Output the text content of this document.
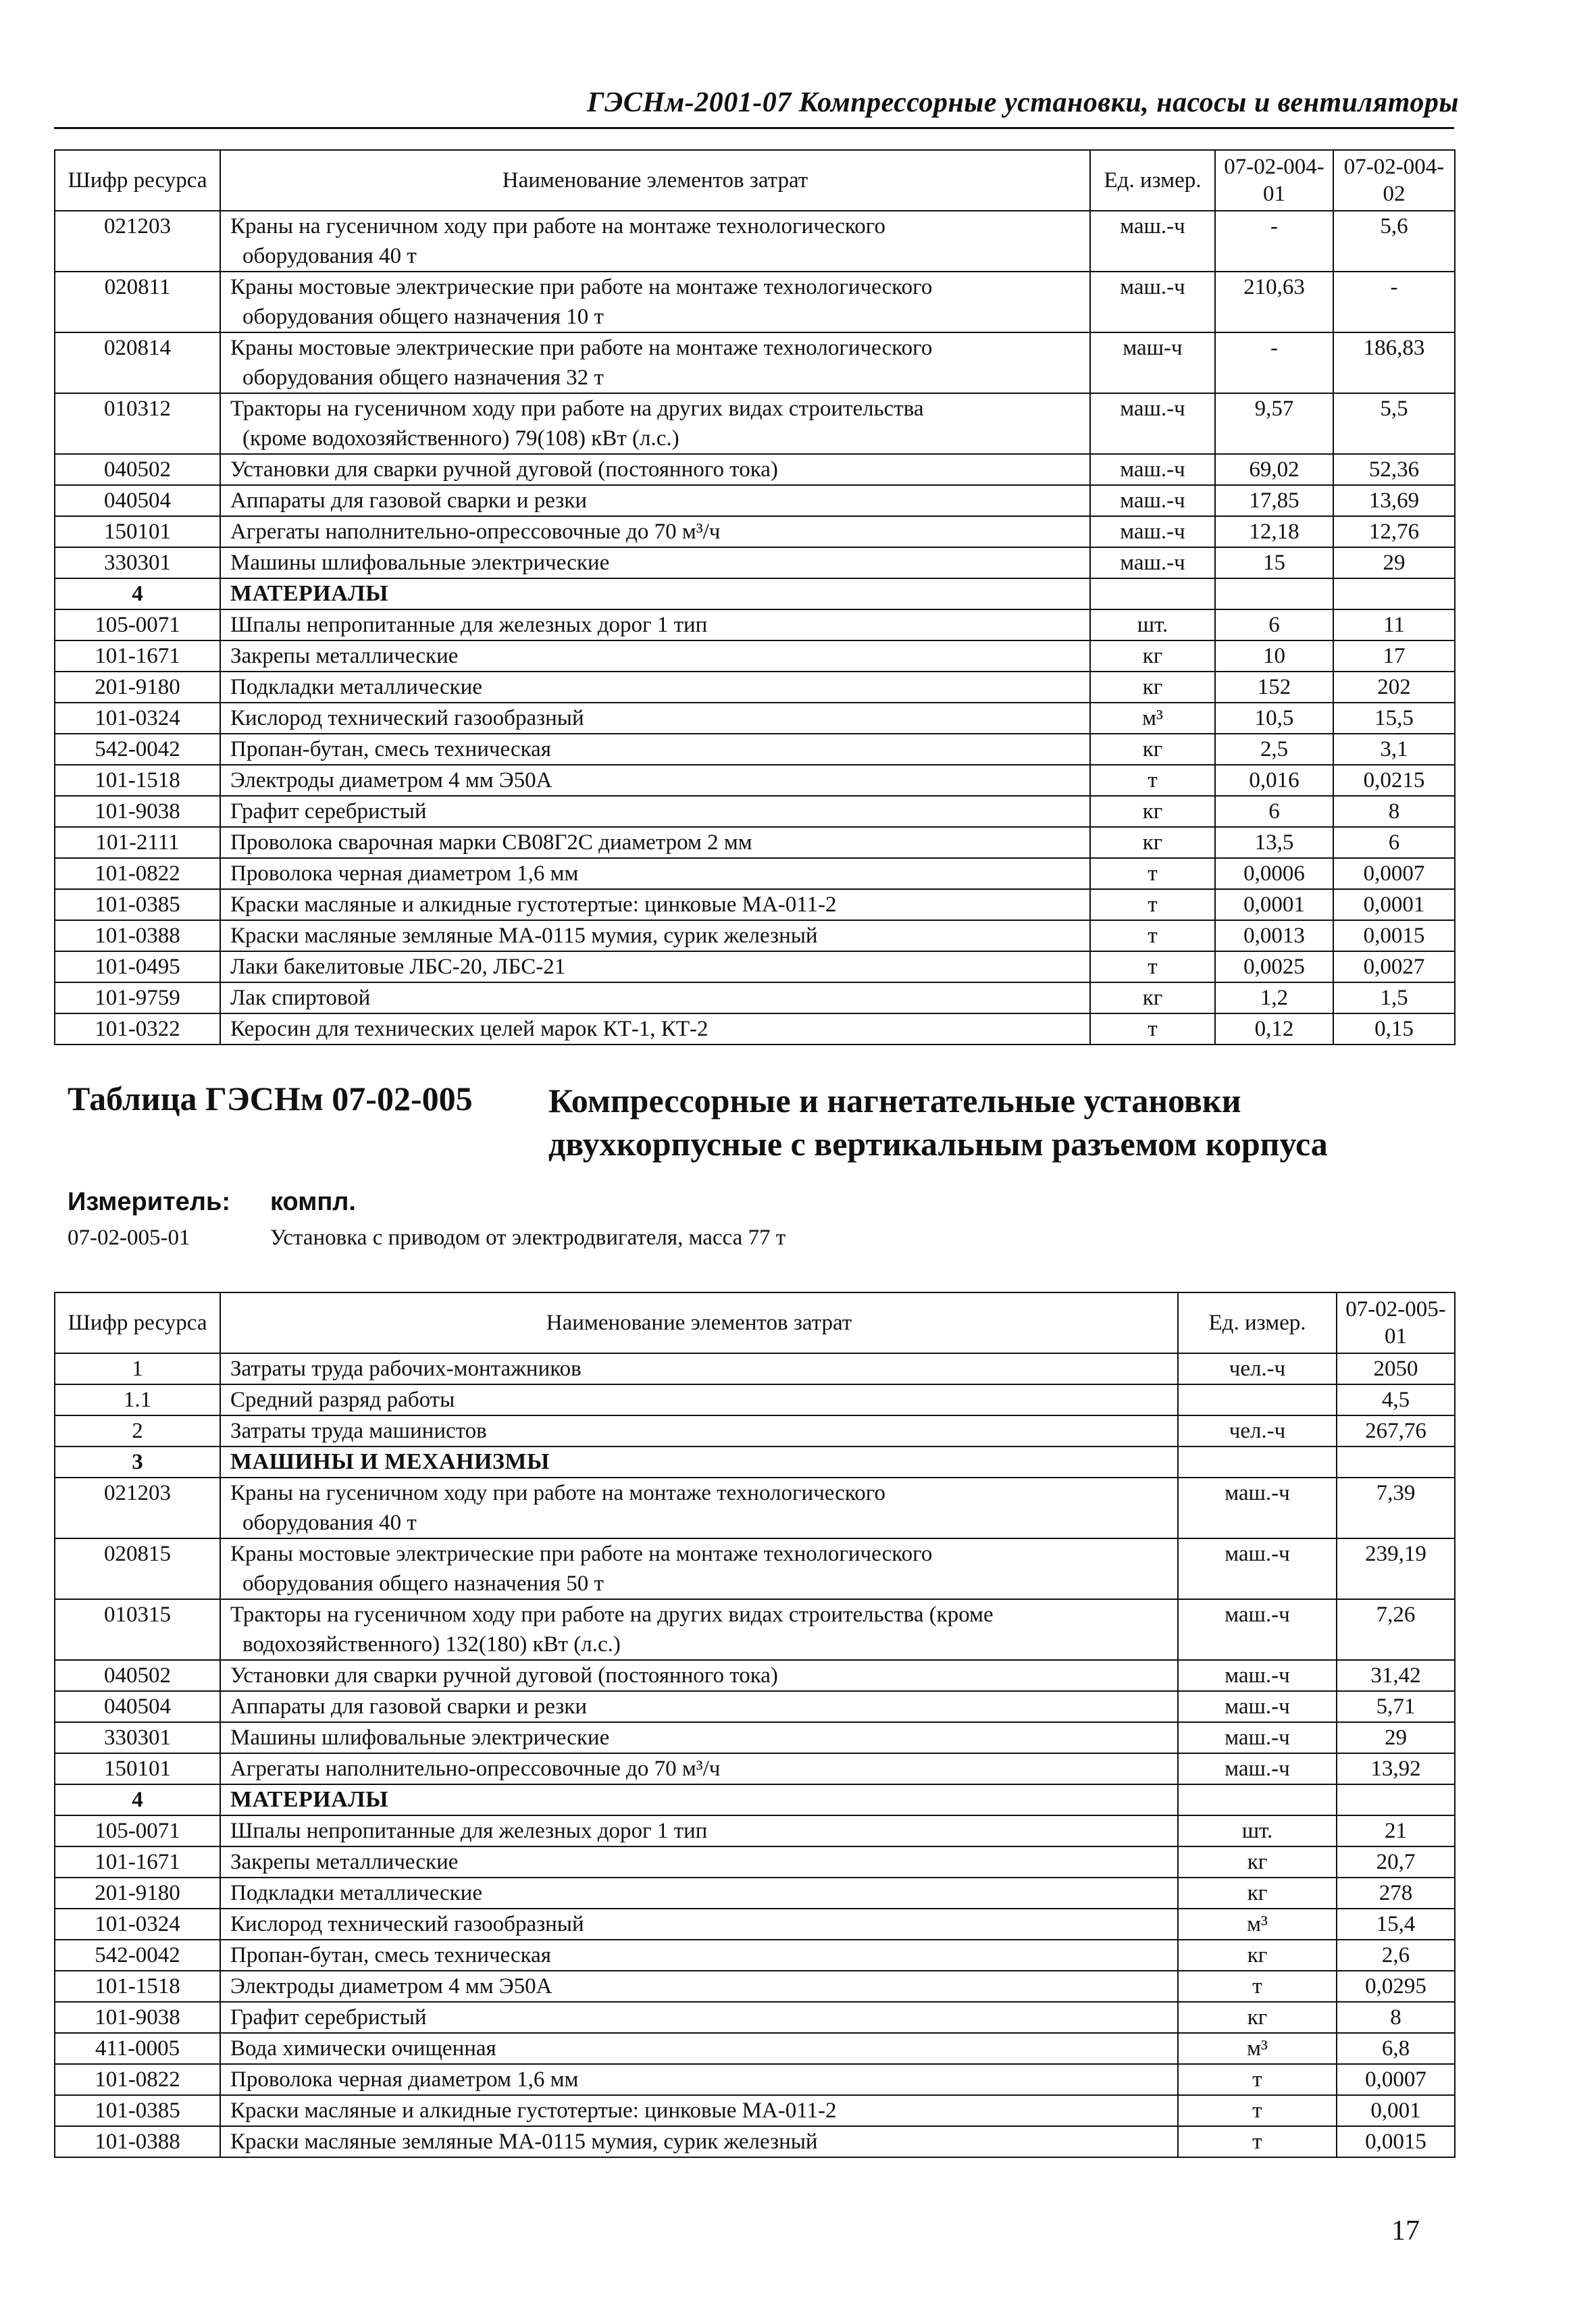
ГЭСНм-2001-07 Компрессорные установки, насосы и вентиляторы
Шифр ресурса	Наименование элементов затрат	Ед. измер.	07-02-004-01	07-02-004-02
021203	Краны на гусеничном ходу при работе на монтаже технологического
оборудования 40 т	маш.-ч	-	5,6
020811	Краны мостовые электрические при работе на монтаже технологического
оборудования общего назначения 10 т	маш.-ч	210,63	-
020814	Краны мостовые электрические при работе на монтаже технологического
оборудования общего назначения 32 т	маш-ч	-	186,83
010312	Тракторы на гусеничном ходу при работе на других видах строительства
(кроме водохозяйственного) 79(108) кВт (л.с.)	маш.-ч	9,57	5,5
040502	Установки для сварки ручной дуговой (постоянного тока)	маш.-ч	69,02	52,36
040504	Аппараты для газовой сварки и резки	маш.-ч	17,85	13,69
150101	Агрегаты наполнительно-опрессовочные до 70 м³/ч	маш.-ч	12,18	12,76
330301	Машины шлифовальные электрические	маш.-ч	15	29
4	МАТЕРИАЛЫ			
105-0071	Шпалы непропитанные для железных дорог 1 тип	шт.	6	11
101-1671	Закрепы металлические	кг	10	17
201-9180	Подкладки металлические	кг	152	202
101-0324	Кислород технический газообразный	м³	10,5	15,5
542-0042	Пропан-бутан, смесь техническая	кг	2,5	3,1
101-1518	Электроды диаметром 4 мм Э50А	т	0,016	0,0215
101-9038	Графит серебристый	кг	6	8
101-2111	Проволока сварочная марки СВ08Г2С диаметром 2 мм	кг	13,5	6
101-0822	Проволока черная диаметром 1,6 мм	т	0,0006	0,0007
101-0385	Краски масляные и алкидные густотертые: цинковые МА-011-2	т	0,0001	0,0001
101-0388	Краски масляные земляные МА-0115 мумия, сурик железный	т	0,0013	0,0015
101-0495	Лаки бакелитовые ЛБС-20, ЛБС-21	т	0,0025	0,0027
101-9759	Лак спиртовой	кг	1,2	1,5
101-0322	Керосин для технических целей марок КТ-1, КТ-2	т	0,12	0,15
Таблица ГЭСНм 07-02-005 Компрессорные и нагнетательные установки
двухкорпусные с вертикальным разъемом корпуса
Измеритель: компл.
07-02-005-01	Установка с приводом от электродвигателя, масса 77 т
Шифр ресурса	Наименование элементов затрат	Ед. измер.	07-02-005-01
1	Затраты труда рабочих-монтажников	чел.-ч	2050
1.1	Средний разряд работы		4,5
2	Затраты труда машинистов	чел.-ч	267,76
3	МАШИНЫ И МЕХАНИЗМЫ		
021203	Краны на гусеничном ходу при работе на монтаже технологического
оборудования 40 т	маш.-ч	7,39
020815	Краны мостовые электрические при работе на монтаже технологического
оборудования общего назначения 50 т	маш.-ч	239,19
010315	Тракторы на гусеничном ходу при работе на других видах строительства (кроме
водохозяйственного) 132(180) кВт (л.с.)	маш.-ч	7,26
040502	Установки для сварки ручной дуговой (постоянного тока)	маш.-ч	31,42
040504	Аппараты для газовой сварки и резки	маш.-ч	5,71
330301	Машины шлифовальные электрические	маш.-ч	29
150101	Агрегаты наполнительно-опрессовочные до 70 м³/ч	маш.-ч	13,92
4	МАТЕРИАЛЫ		
105-0071	Шпалы непропитанные для железных дорог 1 тип	шт.	21
101-1671	Закрепы металлические	кг	20,7
201-9180	Подкладки металлические	кг	278
101-0324	Кислород технический газообразный	м³	15,4
542-0042	Пропан-бутан, смесь техническая	кг	2,6
101-1518	Электроды диаметром 4 мм Э50А	т	0,0295
101-9038	Графит серебристый	кг	8
411-0005	Вода химически очищенная	м³	6,8
101-0822	Проволока черная диаметром 1,6 мм	т	0,0007
101-0385	Краски масляные и алкидные густотертые: цинковые МА-011-2	т	0,001
101-0388	Краски масляные земляные МА-0115 мумия, сурик железный	т	0,0015
17
